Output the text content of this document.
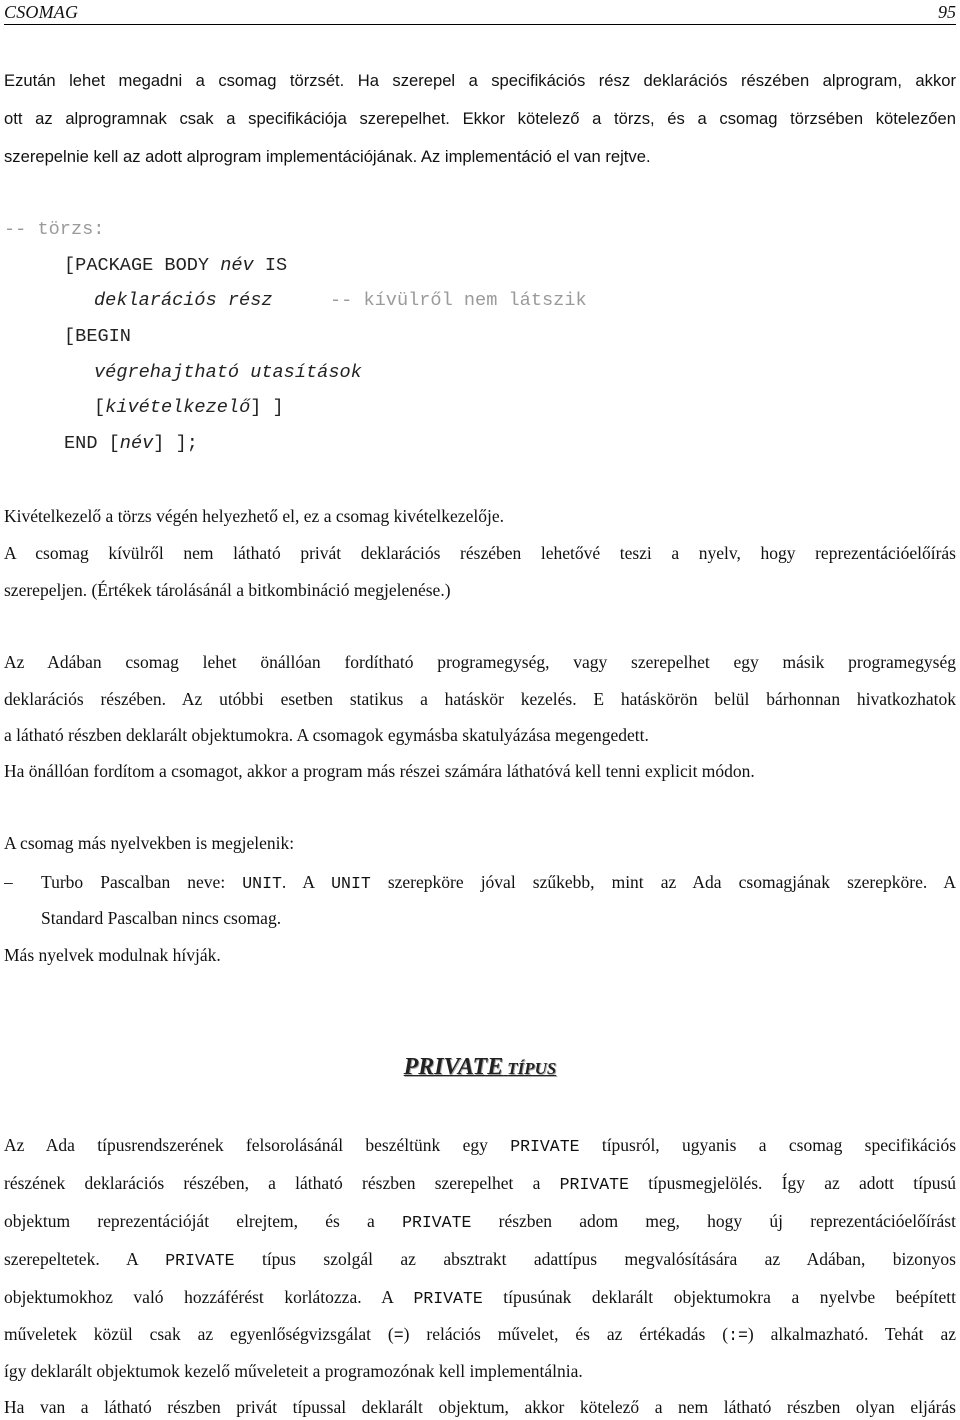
CSOMAG	95
Ezután lehet megadni a csomag törzsét. Ha szerepel a specifikációs rész deklarációs részében alprogram, akkor
ott az alprogramnak csak a specifikációja szerepelhet. Ekkor kötelező a törzs, és a csomag törzsében kötelezően
szerepelnie kell az adott alprogram implementációjának. Az implementáció el van rejtve.
-- törzs:
[PACKAGE BODY név IS
deklarációs rész	-- kívülről nem látszik
[BEGIN
végrehajtható utasítások
[kivételkezelő] ]
END [név] ];
Kivételkezelő a törzs végén helyezhető el, ez a csomag kivételkezelője.
A csomag kívülről nem látható privát deklarációs részében lehetővé teszi a nyelv, hogy reprezentációelőírás
szerepeljen. (Értékek tárolásánál a bitkombináció megjelenése.)
Az Adában csomag lehet önállóan fordítható programegység, vagy szerepelhet egy másik programegység
deklarációs részében. Az utóbbi esetben statikus a hatáskör kezelés. E hatáskörön belül bárhonnan hivatkozhatok
a látható részben deklarált objektumokra. A csomagok egymásba skatulyázása megengedett.
Ha önállóan fordítom a csomagot, akkor a program más részei számára láthatóvá kell tenni explicit módon.
A csomag más nyelvekben is megjelenik:
–	Turbo Pascalban neve: UNIT. A UNIT szerepköre jóval szűkebb, mint az Ada csomagjának szerepköre. A
Standard Pascalban nincs csomag.
Más nyelvek modulnak hívják.
PRIVATE TÍPUS
Az Ada típusrendszerének felsorolásánál beszéltünk egy PRIVATE típusról, ugyanis a csomag specifikációs
részének deklarációs részében, a látható részben szerepelhet a PRIVATE típusmegjelölés. Így az adott típusú
objektum reprezentációját elrejtem, és a PRIVATE részben adom meg, hogy új reprezentációelőírást
szerepeltetek. A PRIVATE típus szolgál az absztrakt adattípus megvalósítására az Adában, bizonyos
objektumokhoz való hozzáférést korlátozza. A PRIVATE típusúnak deklarált objektumokra a nyelvbe beépített
műveletek közül csak az egyenlőségvizsgálat (=) relációs művelet, és az értékadás (:=) alkalmazható. Tehát az
így deklarált objektumok kezelő műveleteit a programozónak kell implementálnia.
Ha van a látható részben privát típussal deklarált objektum, akkor kötelező a nem látható részben olyan eljárás
